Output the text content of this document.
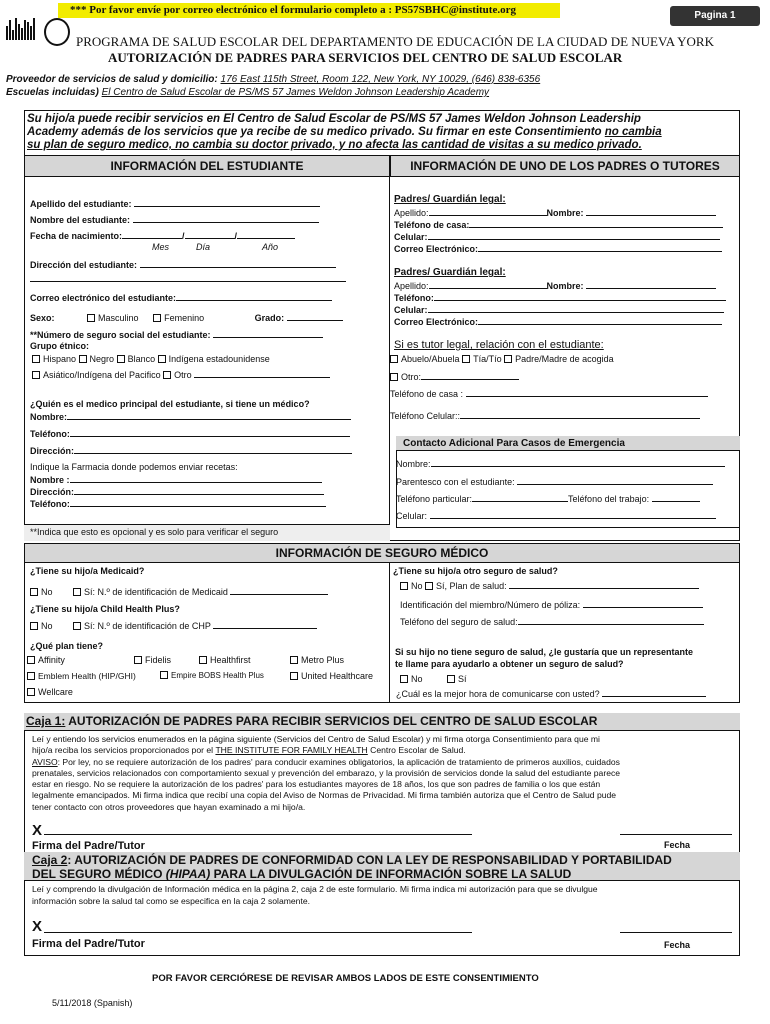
*** Por favor envíe por correo electrónico el formulario completo a : PS57SBHC@institute.org	Pagina 1
PROGRAMA DE SALUD ESCOLAR DEL DEPARTAMENTO DE EDUCACIÓN DE LA CIUDAD DE NUEVA YORK
AUTORIZACIÓN DE PADRES PARA SERVICIOS DEL CENTRO DE SALUD ESCOLAR
Proveedor de servicios de salud y domicilio: 176 East 115th Street, Room 122, New York, NY 10029, (646) 838-6356
Escuelas incluidas) El Centro de Salud Escolar de PS/MS 57 James Weldon Johnson Leadership Academy
Su hijo/a puede recibir servicios en El Centro de Salud Escolar de PS/MS 57 James Weldon Johnson Leadership
Academy además de los servicios que ya recibe de su medico privado. Su firmar en este Consentimiento no cambia
su plan de seguro medico, no cambia su doctor privado, y no afecta las cantidad de visitas a su medico privado.
INFORMACIÓN DEL ESTUDIANTE	INFORMACIÓN DE UNO DE LOS PADRES O TUTORES
Apellido del estudiante:
Nombre del estudiante:
Fecha de nacimiento:	/	/
Mes	Día	Año
Dirección del estudiante:
Correo electrónico del estudiante:
Sexo:	Masculino	Femenino	Grado:
**Número de seguro social del estudiante:
Grupo étnico:
Hispano Negro Blanco Indígena estadounidense
Asiático/Indígena del Pacifico Otro
¿Quién es el medico principal del estudiante, si tiene un médico?
Nombre:
Teléfono:
Dirección:
Indique la Farmacia donde podemos enviar recetas:
Nombre :
Dirección:
Teléfono:
**Indica que esto es opcional y es solo para verificar el seguro
Padres/ Guardián legal:
Apellido:	Nombre:
Teléfono de casa:
Celular:
Correo Electrónico:
Padres/ Guardián legal:
Apellido:	Nombre:
Teléfono:
Celular:
Correo Electrónico:
Si es tutor legal, relación con el estudiante:
Abuelo/Abuela Tía/Tío Padre/Madre de acogida
Otro:
Teléfono de casa :
Teléfono Celular::
Contacto Adicional Para Casos de Emergencia
Nombre:
Parentesco con el estudiante:
Teléfono particular:	Teléfono del trabajo:
Celular:
INFORMACIÓN DE SEGURO MÉDICO
¿Tiene su hijo/a Medicaid?
No	Sí: N.º de identificación de Medicaid
¿Tiene su hijo/a Child Health Plus?
No	Sí: N.º de identificación de CHP
¿Qué plan tiene?
Affinity	Fidelis	Healthfirst	Metro Plus
Emblem Health (HIP/GHI)	Empire BOBS Health Plus	United Healthcare
Wellcare
¿Tiene su hijo/a otro seguro de salud?
No Sí, Plan de salud:
Identificación del miembro/Número de póliza:
Teléfono del seguro de salud:
Si su hijo no tiene seguro de salud, ¿le gustaría que un representante
te llame para ayudarlo a obtener un seguro de salud?
No	Sí
¿Cuál es la mejor hora de comunicarse con usted?
Caja 1: AUTORIZACIÓN DE PADRES PARA RECIBIR SERVICIOS DEL CENTRO DE SALUD ESCOLAR
Leí y entiendo los servicios enumerados en la página siguiente (Servicios del Centro de Salud Escolar) y mi firma otorga Consentimiento para que mi
hijo/a reciba los servicios proporcionados por el THE INSTITUTE FOR FAMILY HEALTH Centro Escolar de Salud.
AVISO: Por ley, no se requiere autorización de los padres' para conducir examines obligatorios, la aplicación de tratamiento de primeros auxilios, cuidados
prenatales, servicios relacionados con comportamiento sexual y prevención del embarazo, y la provisión de servicios donde la salud del estudiante parece
estar en riesgo. No se requiere la autorización de los padres' para los estudiantes mayores de 18 años, los que son padres de familia o los que están
legalmente emancipados. Mi firma indica que recibí una copia del Aviso de Normas de Privacidad. Mi firma también autoriza que el Centro de Salud pude
tener contacto con otros proveedores que hayan examinado a mi hijo/a.
X
Firma del Padre/Tutor	Fecha
Caja 2: AUTORIZACIÓN DE PADRES DE CONFORMIDAD CON LA LEY DE RESPONSABILIDAD Y PORTABILIDAD
DEL SEGURO MÉDICO (HIPAA) PARA LA DIVULGACIÓN DE INFORMACIÓN SOBRE LA SALUD
Leí y comprendo la divulgación de Información médica en la página 2, caja 2 de este formulario. Mi firma indica mi autorización para que se divulgue
información sobre la salud tal como se especifica en la caja 2 solamente.
X
Firma del Padre/Tutor	Fecha
POR FAVOR CERCIÓRESE DE REVISAR AMBOS LADOS DE ESTE CONSENTIMIENTO
5/11/2018 (Spanish)
